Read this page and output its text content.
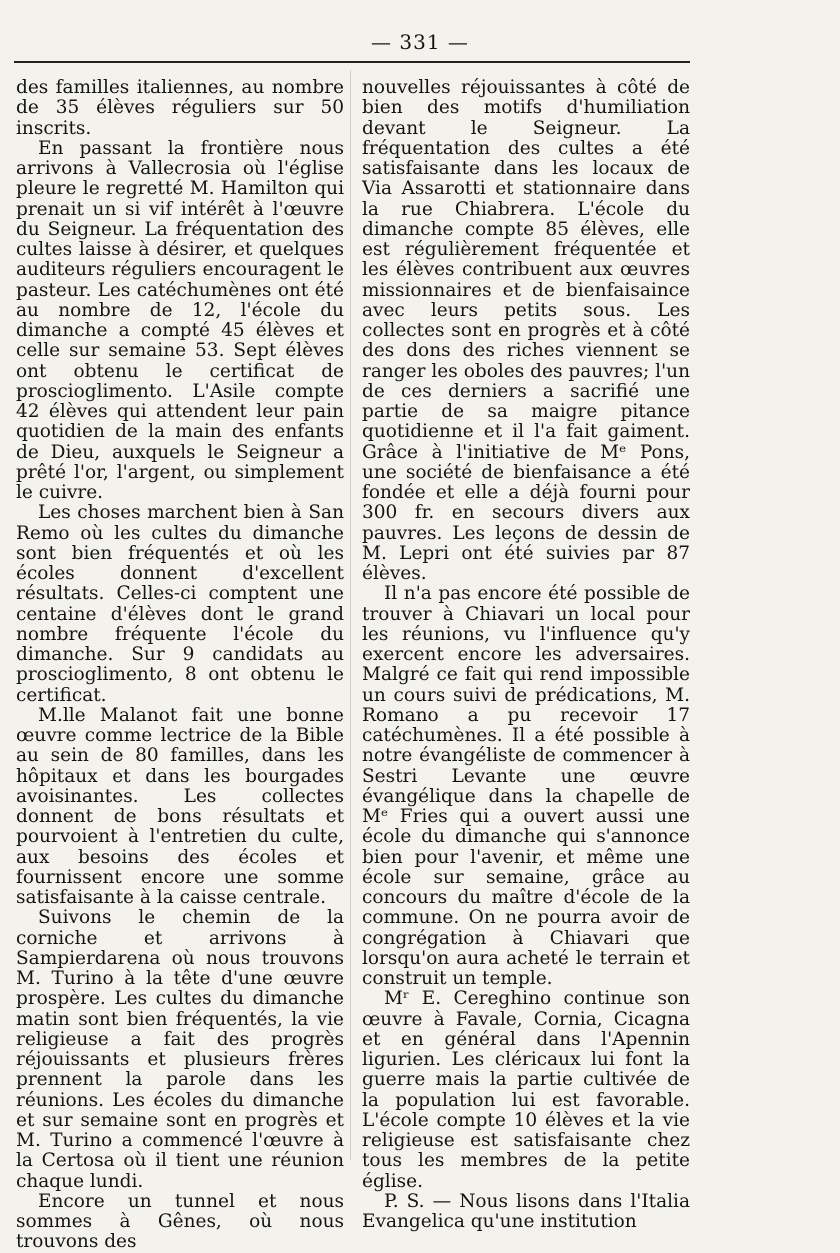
— 331 —

des familles italiennes, au nombre de 35 élèves réguliers sur 50 inscrits.

En passant la frontière nous arrivons à Vallecrosia où l'église pleure le regretté M. Hamilton qui prenait un si vif intérêt à l'œuvre du Seigneur. La fréquentation des cultes laisse à désirer, et quelques auditeurs réguliers encouragent le pasteur. Les catéchumènes ont été au nombre de 12, l'école du dimanche a compté 45 élèves et celle sur semaine 53. Sept élèves ont obtenu le certificat de proscioglimento. L'Asile compte 42 élèves qui attendent leur pain quotidien de la main des enfants de Dieu, auxquels le Seigneur a prêté l'or, l'argent, ou simplement le cuivre.

Les choses marchent bien à San Remo où les cultes du dimanche sont bien fréquentés et où les écoles donnent d'excellent résultats. Celles-ci comptent une centaine d'élèves dont le grand nombre fréquente l'école du dimanche. Sur 9 candidats au proscioglimento, 8 ont obtenu le certificat.

M.lle Malanot fait une bonne œuvre comme lectrice de la Bible au sein de 80 familles, dans les hôpitaux et dans les bourgades avoisinantes. Les collectes donnent de bons résultats et pourvoient à l'entretien du culte, aux besoins des écoles et fournissent encore une somme satisfaisante à la caisse centrale.

Suivons le chemin de la corniche et arrivons à Sampierdarena où nous trouvons M. Turino à la tête d'une œuvre prospère. Les cultes du dimanche matin sont bien fréquentés, la vie religieuse a fait des progrès réjouissants et plusieurs frères prennent la parole dans les réunions. Les écoles du dimanche et sur semaine sont en progrès et M. Turino a commencé l'œuvre à la Certosa où il tient une réunion chaque lundi.

Encore un tunnel et nous sommes à Gênes, où nous trouvons des

nouvelles réjouissantes à côté de bien des motifs d'humiliation devant le Seigneur. La fréquentation des cultes a été satisfaisante dans les locaux de Via Assarotti et stationnaire dans la rue Chiabrera. L'école du dimanche compte 85 élèves, elle est régulièrement fréquentée et les élèves contribuent aux œuvres missionnaires et de bienfaisaince avec leurs petits sous. Les collectes sont en progrès et à côté des dons des riches viennent se ranger les oboles des pauvres; l'un de ces derniers a sacrifié une partie de sa maigre pitance quotidienne et il l'a fait gaiment. Grâce à l'initiative de Mᵉ Pons, une société de bienfaisance a été fondée et elle a déjà fourni pour 300 fr. en secours divers aux pauvres. Les leçons de dessin de M. Lepri ont été suivies par 87 élèves.

Il n'a pas encore été possible de trouver à Chiavari un local pour les réunions, vu l'influence qu'y exercent encore les adversaires. Malgré ce fait qui rend impossible un cours suivi de prédications, M. Romano a pu recevoir 17 catéchumènes. Il a été possible à notre évangéliste de commencer à Sestri Levante une œuvre évangélique dans la chapelle de Mᵉ Fries qui a ouvert aussi une école du dimanche qui s'annonce bien pour l'avenir, et même une école sur semaine, grâce au concours du maître d'école de la commune. On ne pourra avoir de congrégation à Chiavari que lorsqu'on aura acheté le terrain et construit un temple.

Mʳ E. Cereghino continue son œuvre à Favale, Cornia, Cicagna et en général dans l'Apennin ligurien. Les cléricaux lui font la guerre mais la partie cultivée de la population lui est favorable. L'école compte 10 élèves et la vie religieuse est satisfaisante chez tous les membres de la petite église.

P. S. — Nous lisons dans l'Italia Evangelica qu'une institution
